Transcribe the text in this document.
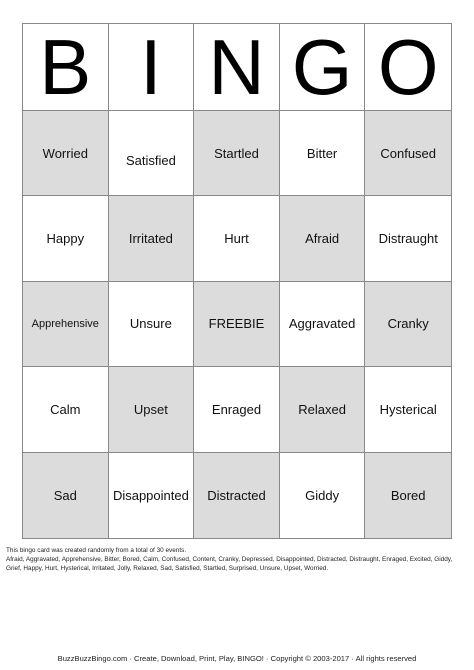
B I N G O
Worried	Satisfied	Startled	Bitter	Confused
Happy	Irritated	Hurt	Afraid	Distraught
Apprehensive	Unsure	FREEBIE	Aggravated	Cranky
Calm	Upset	Enraged	Relaxed	Hysterical
Sad	Disappointed	Distracted	Giddy	Bored
This bingo card was created randomly from a total of 30 events.
Afraid, Aggravated, Apprehensive, Bitter, Bored, Calm, Confused, Content, Cranky, Depressed, Disappointed, Distracted, Distraught, Enraged, Excited, Giddy, Grief, Happy, Hurt, Hysterical, Irritated, Jolly, Relaxed, Sad, Satisfied, Startled, Surprised, Unsure, Upset, Worried.
BuzzBuzzBingo.com · Create, Download, Print, Play, BINGO! · Copyright © 2003-2017 · All rights reserved
